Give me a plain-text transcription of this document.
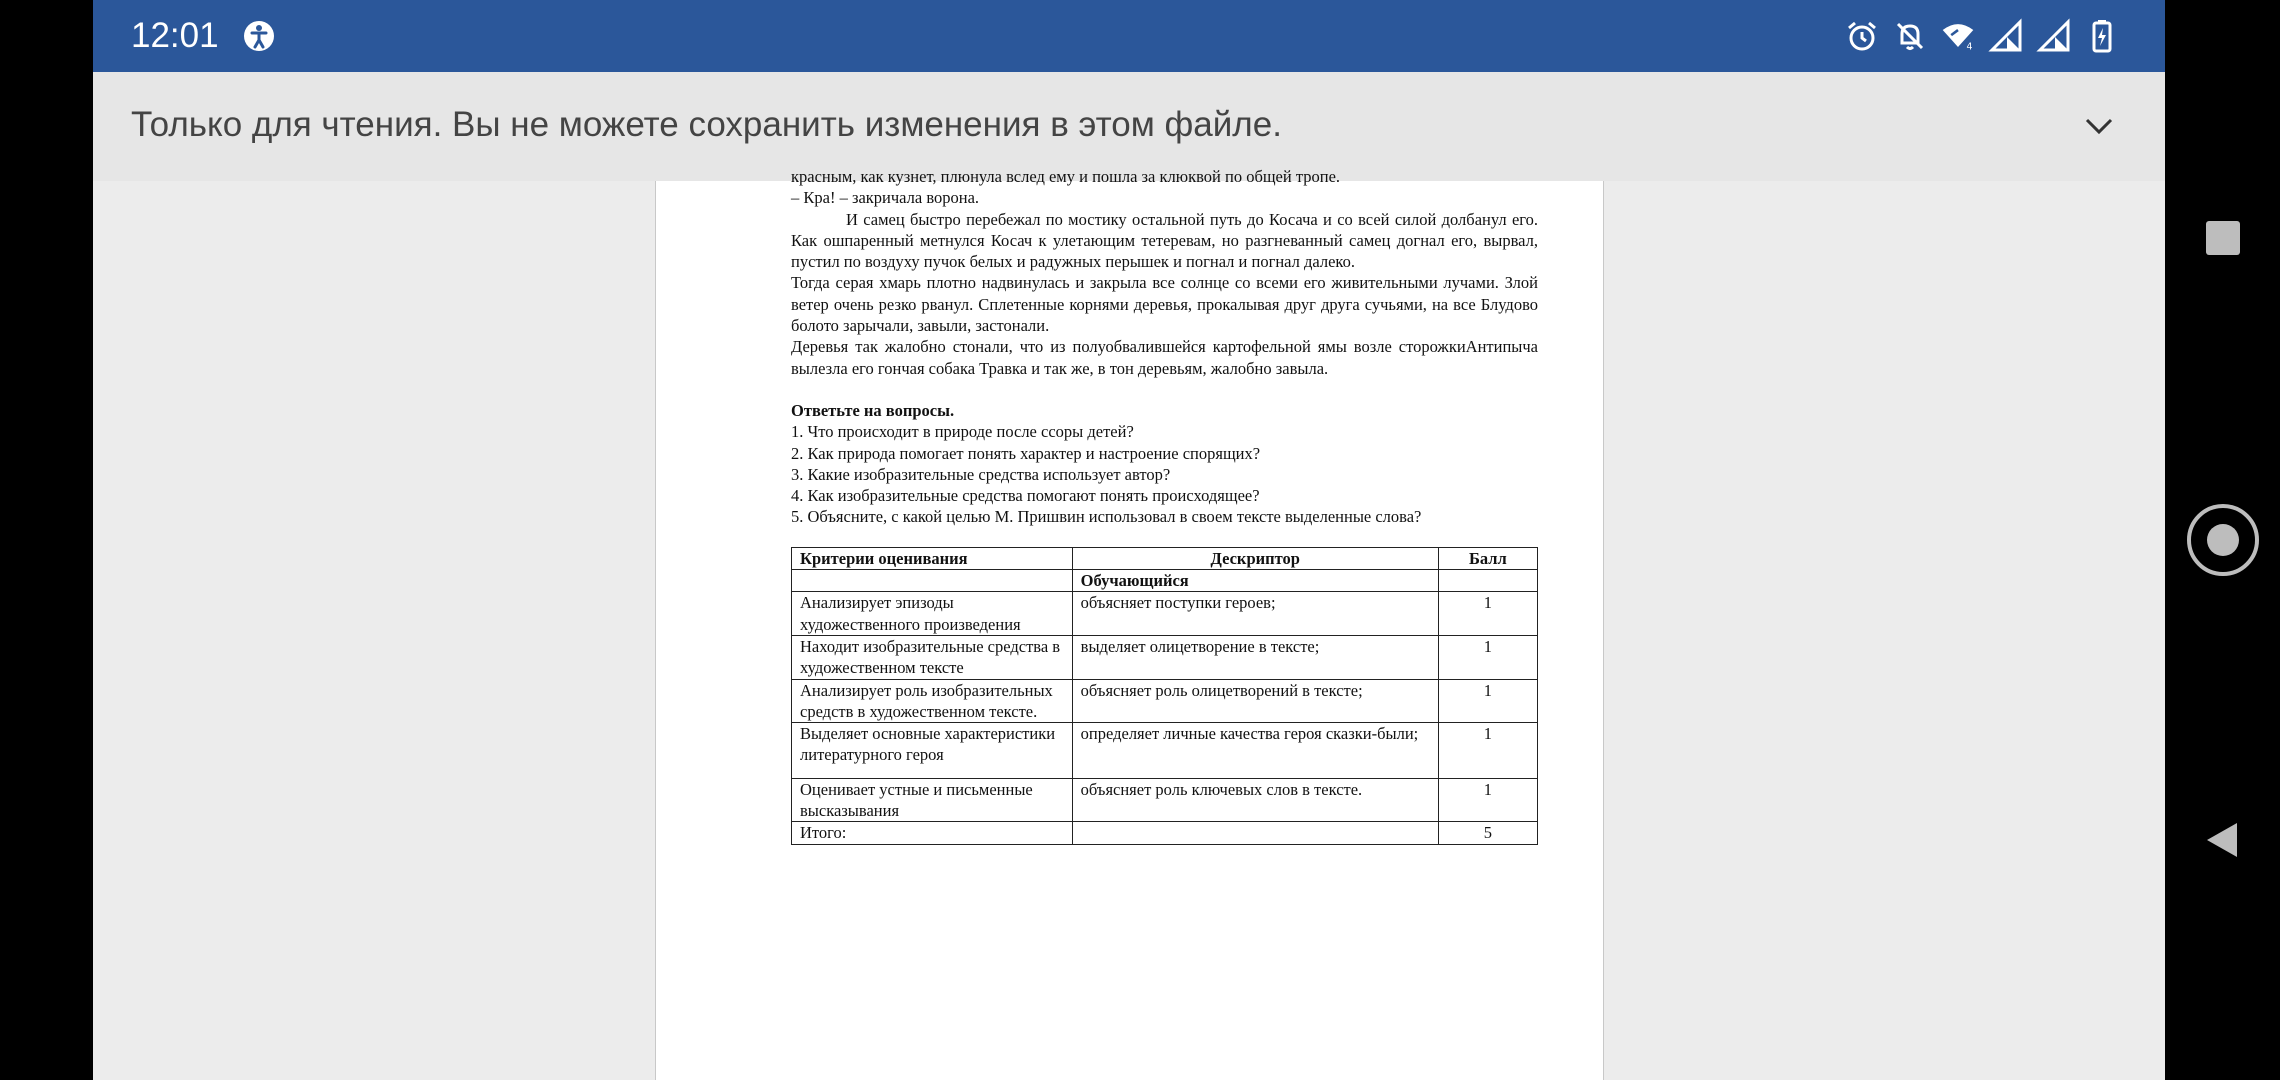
12:01	4
Только для чтения. Вы не можете сохранить изменения в этом файле.

красным, как кузнет, плюнула вслед ему и пошла за клюквой по общей тропе.

– Кра! – закричала ворона.

И самец быстро перебежал по мостику остальной путь до Косача и со всей силой долбанул его. Как ошпаренный метнулся Косач к улетающим тетеревам, но разгневанный самец догнал его, вырвал, пустил по воздуху пучок белых и радужных перышек и погнал и погнал далеко.

Тогда серая хмарь плотно надвинулась и закрыла все солнце со всеми его живительными лучами. Злой ветер очень резко рванул. Сплетенные корнями деревья, прокалывая друг друга сучьями, на все Блудово болото зарычали, завыли, застонали.

Деревья так жалобно стонали, что из полуобвалившейся картофельной ямы возле сторожкиАнтипыча вылезла его гончая собака Травка и так же, в тон деревьям, жалобно завыла.

Ответьте на вопросы.

1. Что происходит в природе после ссоры детей?

2. Как природа помогает понять характер и настроение спорящих?

3. Какие изобразительные средства использует автор?

4. Как изобразительные средства помогают понять происходящее?

5. Объясните, с какой целью М. Пришвин использовал в своем тексте выделенные слова?

Критерии оценивания	Дескриптор	Балл
	Обучающийся	
Анализирует эпизоды художественного произведения	объясняет поступки героев;	1
Находит изобразительные средства в художественном тексте	выделяет олицетворение в тексте;	1
Анализирует роль изобразительных средств в художественном тексте.	объясняет роль олицетворений в тексте;	1
Выделяет основные характеристики литературного героя	определяет личные качества героя сказки-были;	1
Оценивает устные и письменные высказывания	объясняет роль ключевых слов в тексте.	1
Итого:		5
